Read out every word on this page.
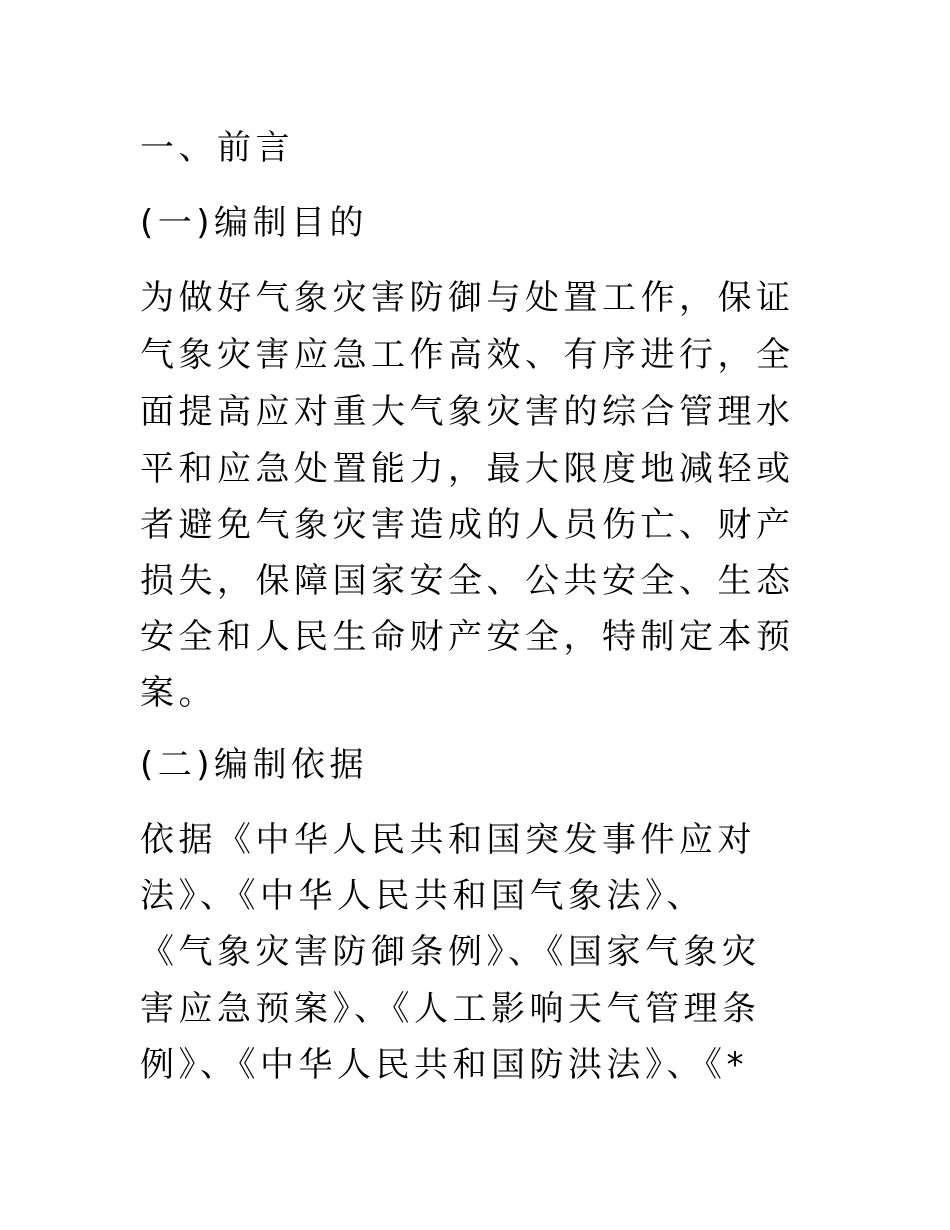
一、前言

(一)编制目的

为做好气象灾害防御与处置工作，保证

气象灾害应急工作高效、有序进行，全

面提高应对重大气象灾害的综合管理水

平和应急处置能力，最大限度地减轻或

者避免气象灾害造成的人员伤亡、财产

损失，保障国家安全、公共安全、生态

安全和人民生命财产安全，特制定本预

案。

(二)编制依据

依据《中华人民共和国突发事件应对

法》、《中华人民共和国气象法》、

《气象灾害防御条例》、《国家气象灾

害应急预案》、《人工影响天气管理条

例》、《中华人民共和国防洪法》、《*
